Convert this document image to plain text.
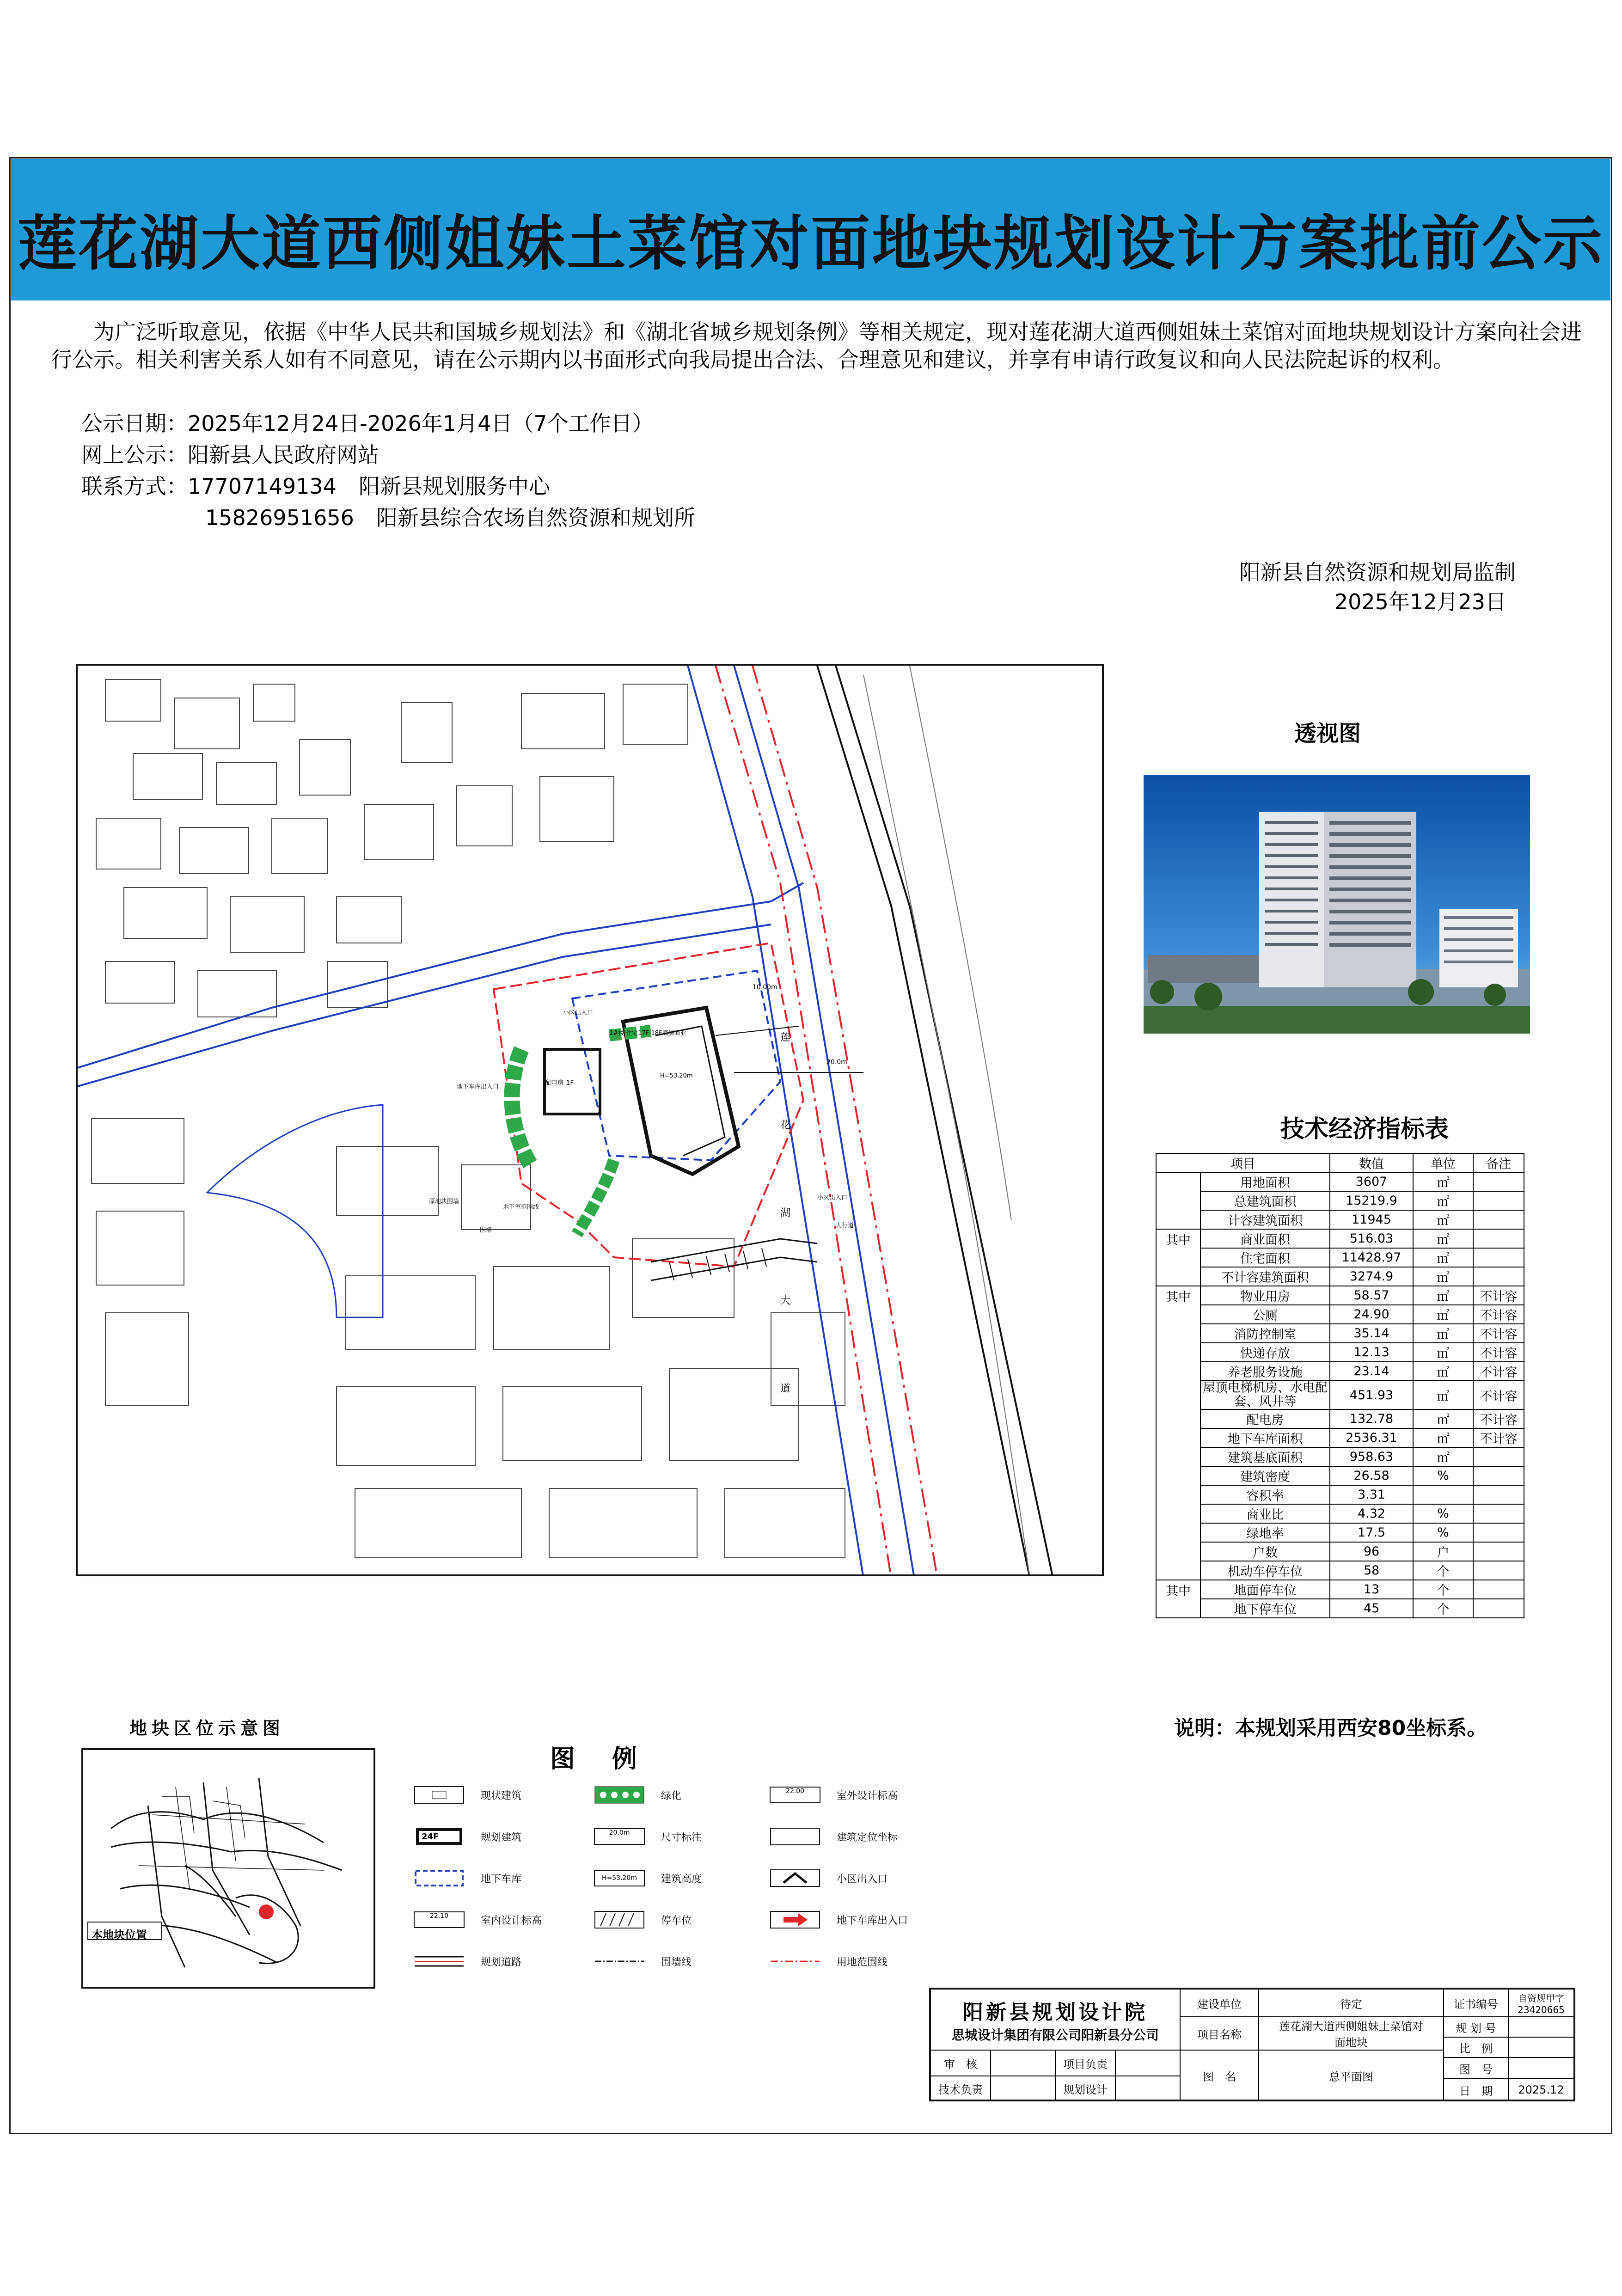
莲花湖大道西侧姐妹土菜馆对面地块规划设计方案批前公示

为广泛听取意见，依据《中华人民共和国城乡规划法》和《湖北省城乡规划条例》等相关规定，现对莲花湖大道西侧姐妹土菜馆对面地块规划设计方案向社会进行公示。相关利害关系人如有不同意见，请在公示期内以书面形式向我局提出合法、合理意见和建议，并享有申请行政复议和向人民法院起诉的权利。

公示日期：2025年12月24日-2026年1月4日（7个工作日）
网上公示：阳新县人民政府网站
联系方式：17707149134 阳新县规划服务中心
15826951656 阳新县综合农场自然资源和规划所
阳新县自然资源和规划局监制
2025年12月23日
莲
花
湖
大
道
1#楼 住宅17F 18F底层商业
配电房 1F
小区出入口
小区出入口
地下车库出入口
20.0m
10.00m
H=53.20m
原地块围墙
围墙
地下室范围线
人行道
透视图
技术经济指标表
项目		数值	单位	备注
	用地面积	3607	㎡	
	总建筑面积	15219.9	㎡	
	计容建筑面积	11945	㎡	
其中	商业面积	516.03	㎡	
	住宅面积	11428.97	㎡	
	不计容建筑面积	3274.9	㎡	
其中	物业用房	58.57	㎡	不计容
	公厕	24.90	㎡	不计容
	消防控制室	35.14	㎡	不计容
	快递存放	12.13	㎡	不计容
	养老服务设施	23.14	㎡	不计容
	屋顶电梯机房、水电配套、风井等	451.93	㎡	不计容
	配电房	132.78	㎡	不计容
	地下车库面积	2536.31	㎡	不计容
	建筑基底面积	958.63	㎡	
	建筑密度	26.58	%	
	容积率	3.31		
	商业比	4.32	%	
	绿地率	17.5	%	
	户数	96	户	
	机动车停车位	58	个	
其中	地面停车位	13	个	
	地下停车位	45	个	
说明：本规划采用西安80坐标系。
地块区位示意图
本地块位置
图例
现状建筑
24F	规划建筑
地下车库
22.10	室内设计标高
规划道路
绿化
20.0m	尺寸标注
H=53.20m	建筑高度
停车位
围墙线
22.00	室外设计标高
建筑定位坐标
小区出入口
地下车库出入口
用地范围线
阳新县规划设计院
思城设计集团有限公司阳新县分公司
审　核	项目负责
技术负责	规划设计
建设单位	待定
项目名称
莲花湖大道西侧姐妹土菜馆对面地块
图　名	总平面图
证书编号	自资规甲字23420665
规 划 号
比　例
图　号
日　期	2025.12
